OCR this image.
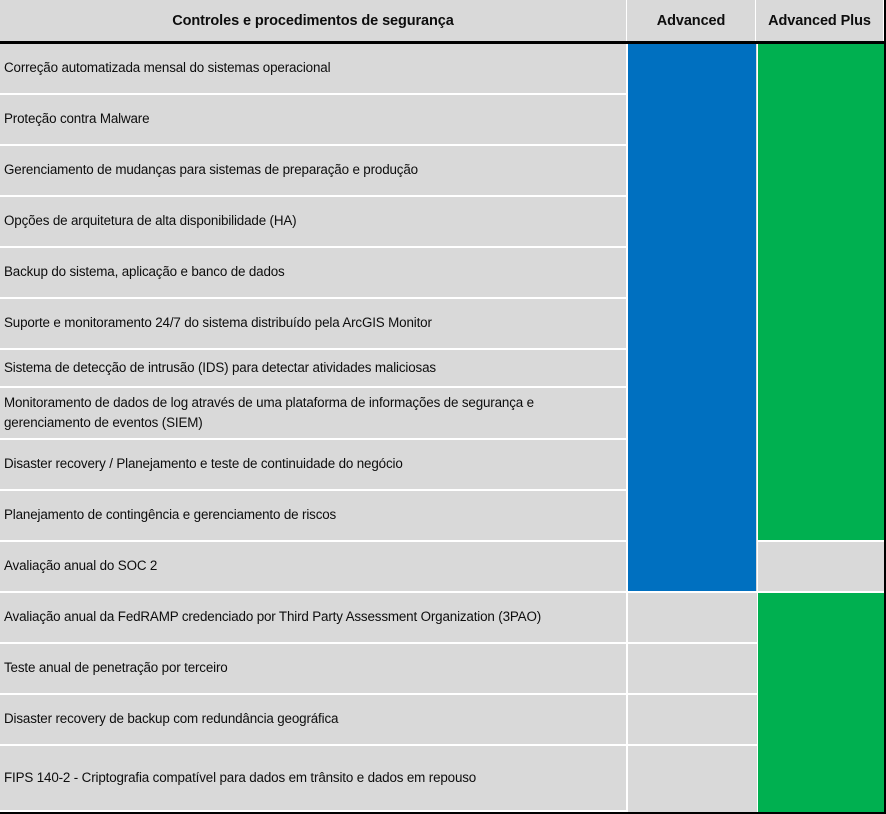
Controles e procedimentos de segurança	Advanced	Advanced Plus
Correção automatizada mensal do sistemas operacional
Proteção contra Malware
Gerenciamento de mudanças para sistemas de preparação e produção
Opções de arquitetura de alta disponibilidade (HA)
Backup do sistema, aplicação e banco de dados
Suporte e monitoramento 24/7 do sistema distribuído pela ArcGIS Monitor
Sistema de detecção de intrusão (IDS) para detectar atividades maliciosas
Monitoramento de dados de log através de uma plataforma de informações de segurança e gerenciamento de eventos (SIEM)
Disaster recovery / Planejamento e teste de continuidade do negócio
Planejamento de contingência e gerenciamento de riscos
Avaliação anual do SOC 2
Avaliação anual da FedRAMP credenciado por Third Party Assessment Organization (3PAO)
Teste anual de penetração por terceiro
Disaster recovery de backup com redundância geográfica
FIPS 140-2 - Criptografia compatível para dados em trânsito e dados em repouso
